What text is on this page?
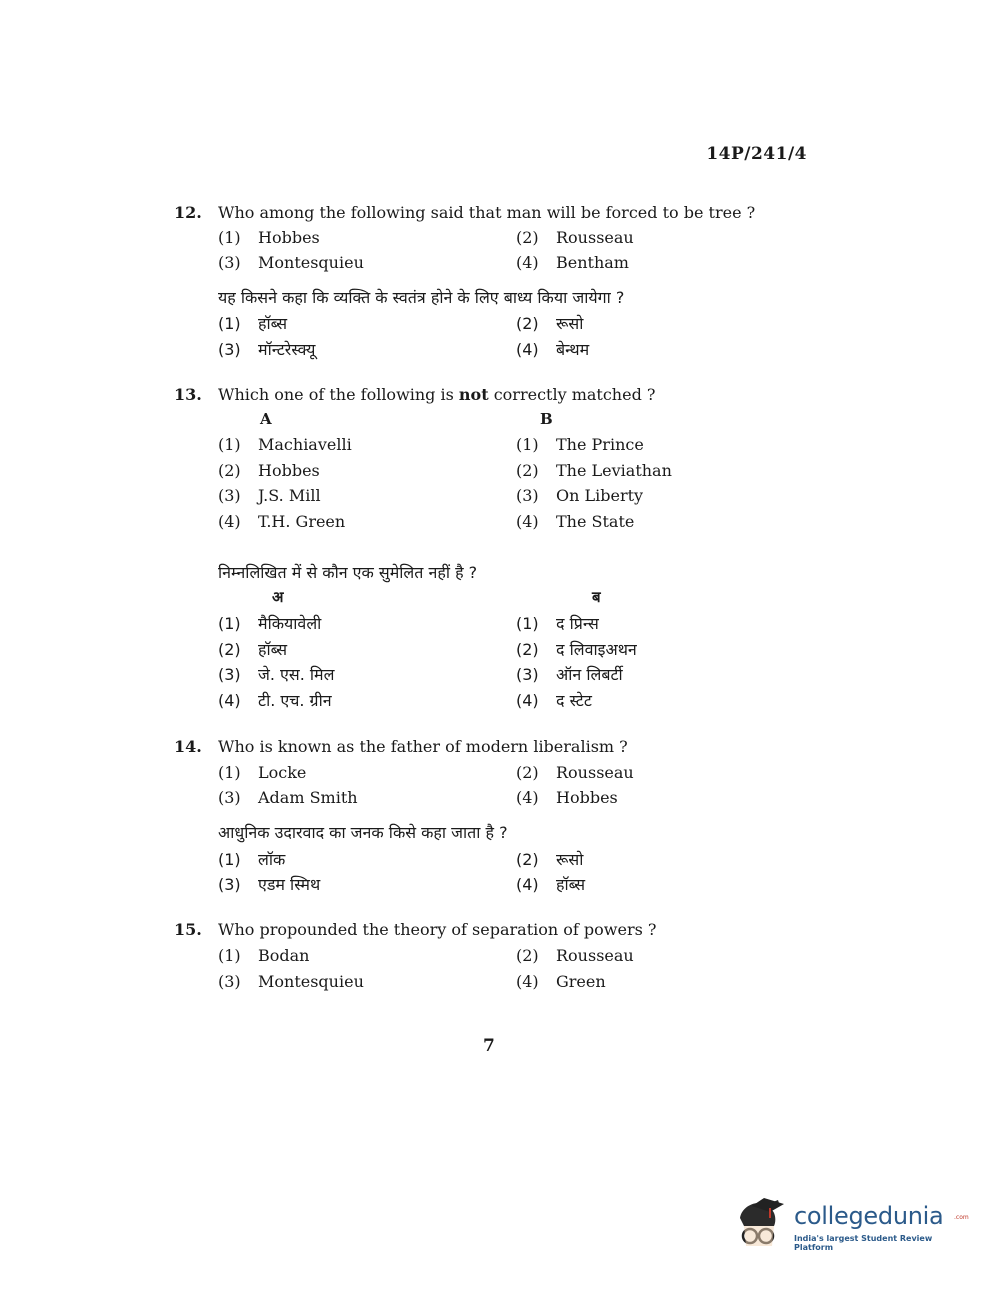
14P/241/4
12.	Who among the following said that man will be forced to be tree ?
(1) Hobbes	(2) Rousseau
(3) Montesquieu	(4) Bentham
यह किसने कहा कि व्यक्ति के स्वतंत्र होने के लिए बाध्य किया जायेगा ?
(1) हॉब्स	(2) रूसो
(3) मॉन्टरेस्क्यू	(4) बेन्थम
13.	Which one of the following is not correctly matched ?
A	B
(1) Machiavelli	(1) The Prince
(2) Hobbes	(2) The Leviathan
(3) J.S. Mill	(3) On Liberty
(4) T.H. Green	(4) The State
निम्नलिखित में से कौन एक सुमेलित नहीं है ?
अ	ब
(1) मैकियावेली	(1) द प्रिन्स
(2) हॉब्स	(2) द लिवाइअथन
(3) जे. एस. मिल	(3) ऑन लिबर्टी
(4) टी. एच. ग्रीन	(4) द स्टेट
14.	Who is known as the father of modern liberalism ?
(1) Locke	(2) Rousseau
(3) Adam Smith	(4) Hobbes
आधुनिक उदारवाद का जनक किसे कहा जाता है ?
(1) लॉक	(2) रूसो
(3) एडम स्मिथ	(4) हॉब्स
15.	Who propounded the theory of separation of powers ?
(1) Bodan	(2) Rousseau
(3) Montesquieu	(4) Green
7
collegedunia .com
India's largest Student Review Platform
